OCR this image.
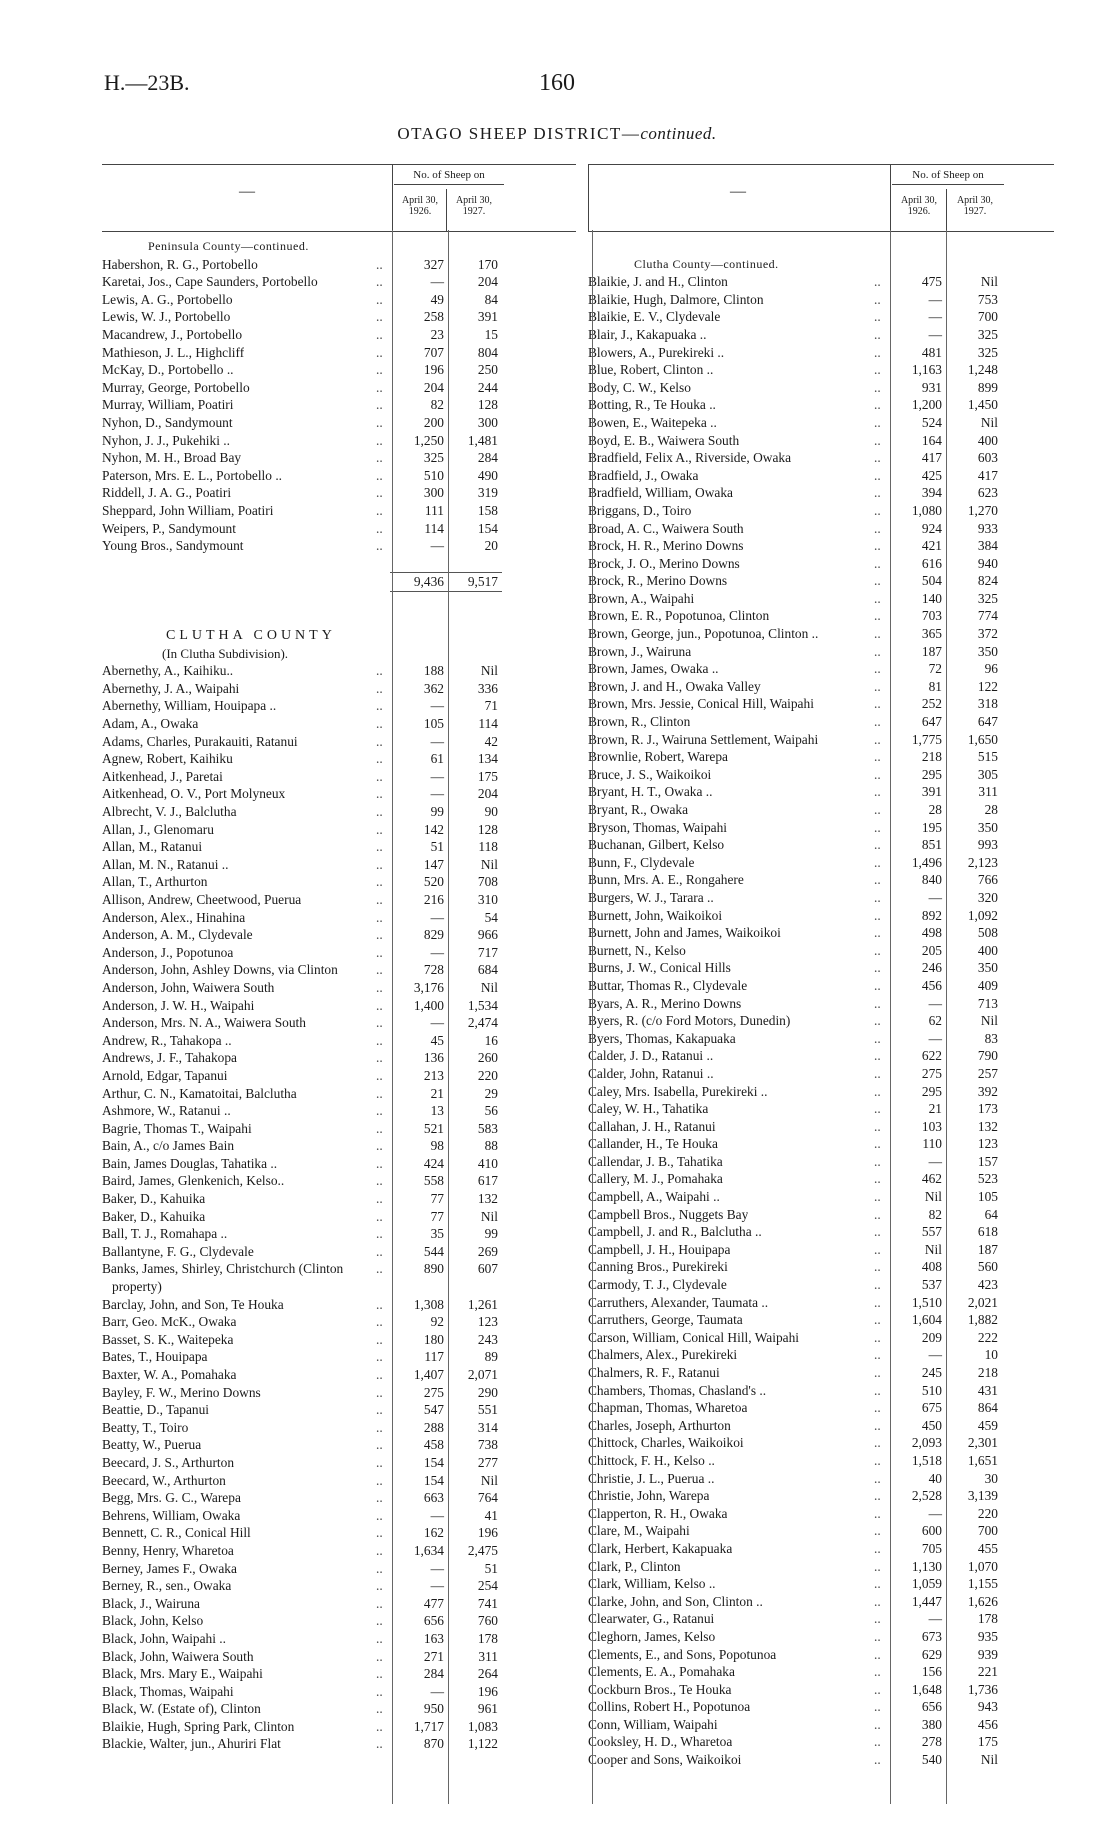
H.—23B.	160
OTAGO SHEEP DISTRICT—continued.
—
No. of Sheep on
April 30, 1926.
April 30, 1927.
Peninsula County—continued.
Habershon, R. G., Portobello	..	327	170
Karetai, Jos., Cape Saunders, Portobello	..	—	204
Lewis, A. G., Portobello	..	49	84
Lewis, W. J., Portobello	..	258	391
Macandrew, J., Portobello	..	23	15
Mathieson, J. L., Highcliff	..	707	804
McKay, D., Portobello ..	..	196	250
Murray, George, Portobello	..	204	244
Murray, William, Poatiri	..	82	128
Nyhon, D., Sandymount	..	200	300
Nyhon, J. J., Pukehiki ..	..	1,250	1,481
Nyhon, M. H., Broad Bay	..	325	284
Paterson, Mrs. E. L., Portobello ..	..	510	490
Riddell, J. A. G., Poatiri	..	300	319
Sheppard, John William, Poatiri	..	111	158
Weipers, P., Sandymount	..	114	154
Young Bros., Sandymount	..	—	20
9,436	9,517
CLUTHA COUNTY
(In Clutha Subdivision).
Abernethy, A., Kaihiku..	..	188	Nil
Abernethy, J. A., Waipahi	..	362	336
Abernethy, William, Houipapa ..	..	—	71
Adam, A., Owaka	..	105	114
Adams, Charles, Purakauiti, Ratanui	..	—	42
Agnew, Robert, Kaihiku	..	61	134
Aitkenhead, J., Paretai	..	—	175
Aitkenhead, O. V., Port Molyneux	..	—	204
Albrecht, V. J., Balclutha	..	99	90
Allan, J., Glenomaru	..	142	128
Allan, M., Ratanui	..	51	118
Allan, M. N., Ratanui ..	..	147	Nil
Allan, T., Arthurton	..	520	708
Allison, Andrew, Cheetwood, Puerua	..	216	310
Anderson, Alex., Hinahina	..	—	54
Anderson, A. M., Clydevale	..	829	966
Anderson, J., Popotunoa	..	—	717
Anderson, John, Ashley Downs, via Clinton	..	728	684
Anderson, John, Waiwera South	..	3,176	Nil
Anderson, J. W. H., Waipahi	..	1,400	1,534
Anderson, Mrs. N. A., Waiwera South	..	—	2,474
Andrew, R., Tahakopa ..	..	45	16
Andrews, J. F., Tahakopa	..	136	260
Arnold, Edgar, Tapanui	..	213	220
Arthur, C. N., Kamatoitai, Balclutha	..	21	29
Ashmore, W., Ratanui ..	..	13	56
Bagrie, Thomas T., Waipahi	..	521	583
Bain, A., c/o James Bain	..	98	88
Bain, James Douglas, Tahatika ..	..	424	410
Baird, James, Glenkenich, Kelso..	..	558	617
Baker, D., Kahuika	..	77	132
Baker, D., Kahuika	..	77	Nil
Ball, T. J., Romahapa ..	..	35	99
Ballantyne, F. G., Clydevale	..	544	269
Banks, James, Shirley, Christchurch (Clinton ..	890	607
property)
Barclay, John, and Son, Te Houka	..	1,308	1,261
Barr, Geo. McK., Owaka	..	92	123
Basset, S. K., Waitepeka	..	180	243
Bates, T., Houipapa	..	117	89
Baxter, W. A., Pomahaka	..	1,407	2,071
Bayley, F. W., Merino Downs	..	275	290
Beattie, D., Tapanui	..	547	551
Beatty, T., Toiro	..	288	314
Beatty, W., Puerua	..	458	738
Beecard, J. S., Arthurton	..	154	277
Beecard, W., Arthurton	..	154	Nil
Begg, Mrs. G. C., Warepa	..	663	764
Behrens, William, Owaka	..	—	41
Bennett, C. R., Conical Hill	..	162	196
Benny, Henry, Wharetoa	..	1,634	2,475
Berney, James F., Owaka	..	—	51
Berney, R., sen., Owaka	..	—	254
Black, J., Wairuna	..	477	741
Black, John, Kelso	..	656	760
Black, John, Waipahi ..	..	163	178
Black, John, Waiwera South	..	271	311
Black, Mrs. Mary E., Waipahi	..	284	264
Black, Thomas, Waipahi	..	—	196
Black, W. (Estate of), Clinton	..	950	961
Blaikie, Hugh, Spring Park, Clinton	..	1,717	1,083
Blackie, Walter, jun., Ahuriri Flat	..	870	1,122
—
No. of Sheep on
April 30, 1926.
April 30, 1927.
Clutha County—continued.
Blaikie, J. and H., Clinton	..	475	Nil
Blaikie, Hugh, Dalmore, Clinton	..	—	753
Blaikie, E. V., Clydevale	..	—	700
Blair, J., Kakapuaka ..	..	—	325
Blowers, A., Purekireki ..	..	481	325
Blue, Robert, Clinton ..	..	1,163	1,248
Body, C. W., Kelso	..	931	899
Botting, R., Te Houka ..	..	1,200	1,450
Bowen, E., Waitepeka ..	..	524	Nil
Boyd, E. B., Waiwera South	..	164	400
Bradfield, Felix A., Riverside, Owaka	..	417	603
Bradfield, J., Owaka	..	425	417
Bradfield, William, Owaka	..	394	623
Briggans, D., Toiro	..	1,080	1,270
Broad, A. C., Waiwera South	..	924	933
Brock, H. R., Merino Downs	..	421	384
Brock, J. O., Merino Downs	..	616	940
Brock, R., Merino Downs	..	504	824
Brown, A., Waipahi	..	140	325
Brown, E. R., Popotunoa, Clinton	..	703	774
Brown, George, jun., Popotunoa, Clinton ..	..	365	372
Brown, J., Wairuna	..	187	350
Brown, James, Owaka ..	..	72	96
Brown, J. and H., Owaka Valley	..	81	122
Brown, Mrs. Jessie, Conical Hill, Waipahi	..	252	318
Brown, R., Clinton	..	647	647
Brown, R. J., Wairuna Settlement, Waipahi	..	1,775	1,650
Brownlie, Robert, Warepa	..	218	515
Bruce, J. S., Waikoikoi	..	295	305
Bryant, H. T., Owaka ..	..	391	311
Bryant, R., Owaka	..	28	28
Bryson, Thomas, Waipahi	..	195	350
Buchanan, Gilbert, Kelso	..	851	993
Bunn, F., Clydevale	..	1,496	2,123
Bunn, Mrs. A. E., Rongahere	..	840	766
Burgers, W. J., Tarara ..	..	—	320
Burnett, John, Waikoikoi	..	892	1,092
Burnett, John and James, Waikoikoi	..	498	508
Burnett, N., Kelso	..	205	400
Burns, J. W., Conical Hills	..	246	350
Buttar, Thomas R., Clydevale	..	456	409
Byars, A. R., Merino Downs	..	—	713
Byers, R. (c/o Ford Motors, Dunedin)	..	62	Nil
Byers, Thomas, Kakapuaka	..	—	83
Calder, J. D., Ratanui ..	..	622	790
Calder, John, Ratanui ..	..	275	257
Caley, Mrs. Isabella, Purekireki ..	..	295	392
Caley, W. H., Tahatika	..	21	173
Callahan, J. H., Ratanui	..	103	132
Callander, H., Te Houka	..	110	123
Callendar, J. B., Tahatika	..	—	157
Callery, M. J., Pomahaka	..	462	523
Campbell, A., Waipahi ..	..	Nil	105
Campbell Bros., Nuggets Bay	..	82	64
Campbell, J. and R., Balclutha ..	..	557	618
Campbell, J. H., Houipapa	..	Nil	187
Canning Bros., Purekireki	..	408	560
Carmody, T. J., Clydevale	..	537	423
Carruthers, Alexander, Taumata ..	..	1,510	2,021
Carruthers, George, Taumata	..	1,604	1,882
Carson, William, Conical Hill, Waipahi	..	209	222
Chalmers, Alex., Purekireki	..	—	10
Chalmers, R. F., Ratanui	..	245	218
Chambers, Thomas, Chasland's ..	..	510	431
Chapman, Thomas, Wharetoa	..	675	864
Charles, Joseph, Arthurton	..	450	459
Chittock, Charles, Waikoikoi	..	2,093	2,301
Chittock, F. H., Kelso ..	..	1,518	1,651
Christie, J. L., Puerua ..	..	40	30
Christie, John, Warepa	..	2,528	3,139
Clapperton, R. H., Owaka	..	—	220
Clare, M., Waipahi	..	600	700
Clark, Herbert, Kakapuaka	..	705	455
Clark, P., Clinton	..	1,130	1,070
Clark, William, Kelso ..	..	1,059	1,155
Clarke, John, and Son, Clinton ..	..	1,447	1,626
Clearwater, G., Ratanui	..	—	178
Cleghorn, James, Kelso	..	673	935
Clements, E., and Sons, Popotunoa	..	629	939
Clements, E. A., Pomahaka	..	156	221
Cockburn Bros., Te Houka	..	1,648	1,736
Collins, Robert H., Popotunoa	..	656	943
Conn, William, Waipahi	..	380	456
Cooksley, H. D., Wharetoa	..	278	175
Cooper and Sons, Waikoikoi	..	540	Nil
